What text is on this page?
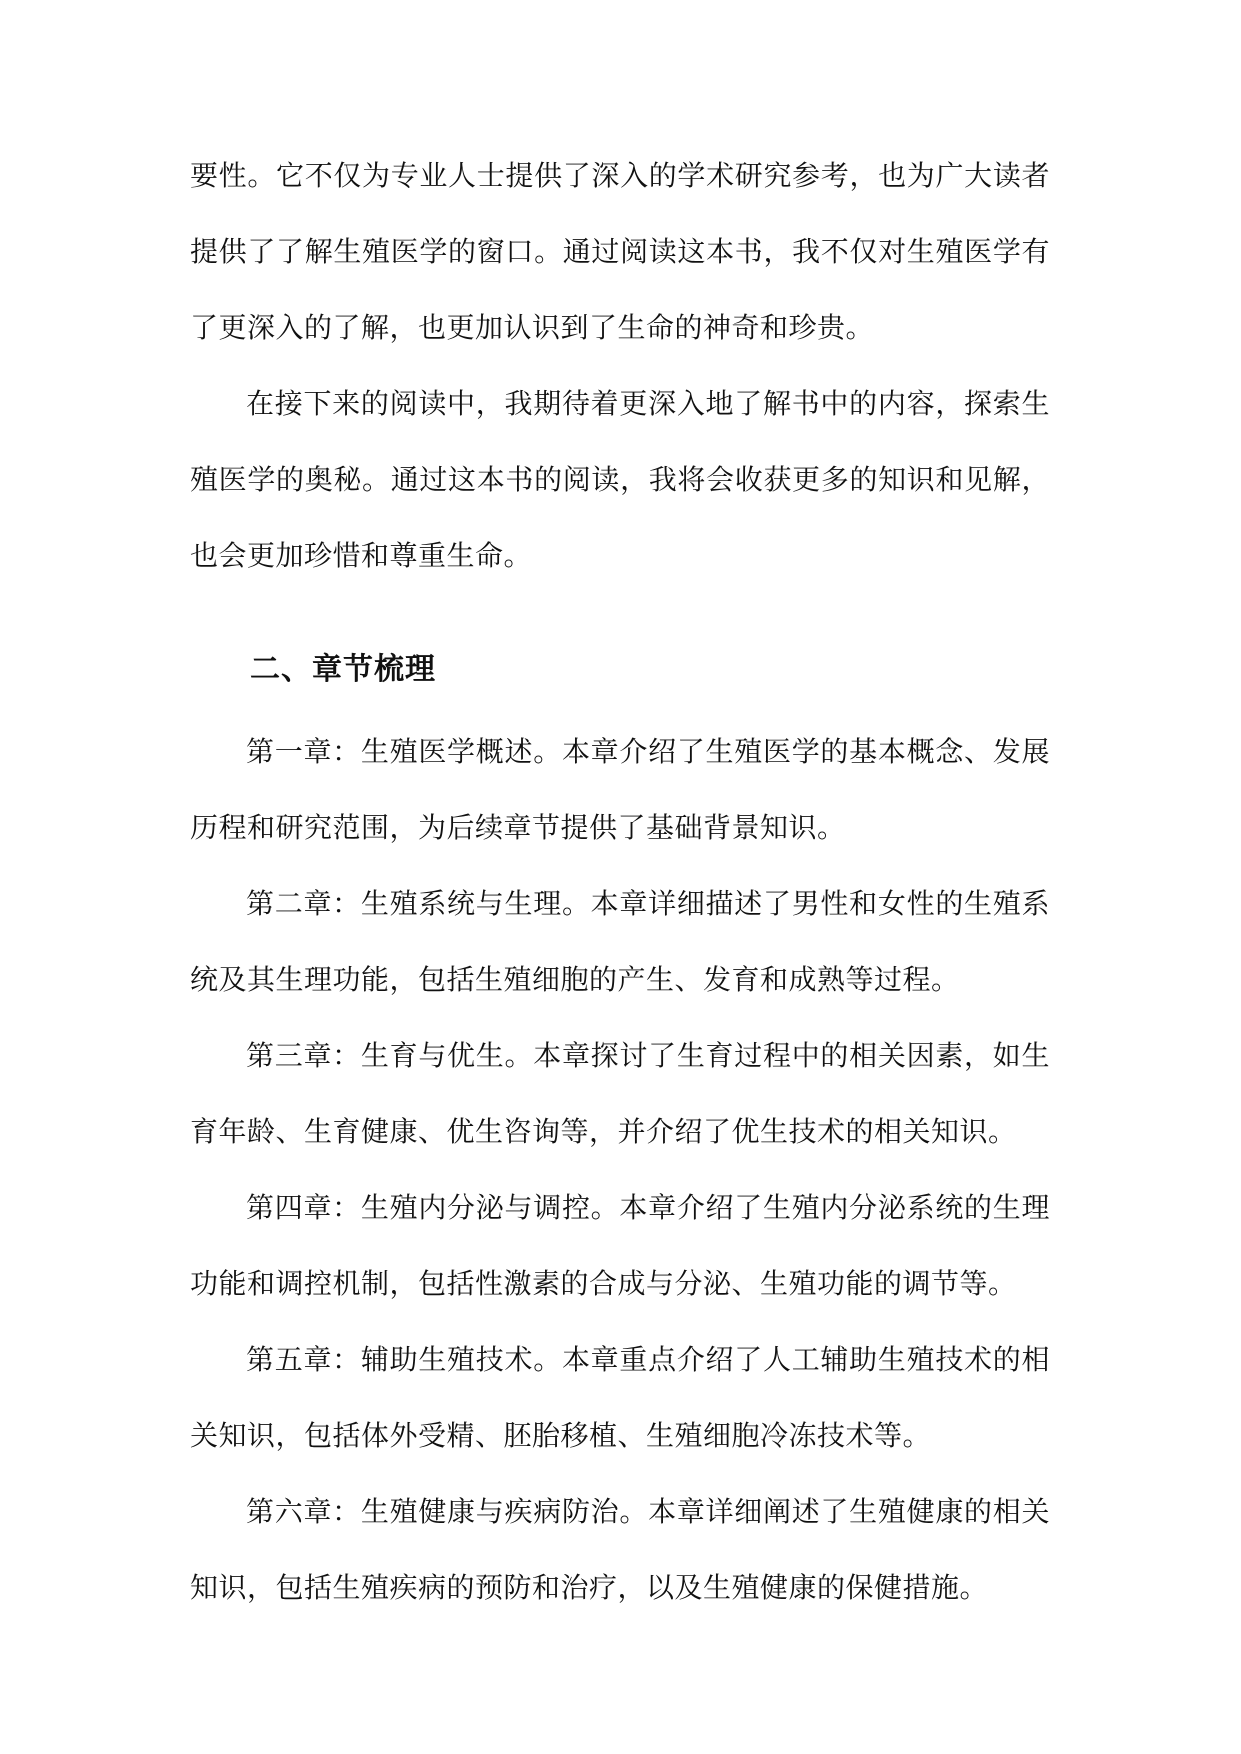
要性。它不仅为专业人士提供了深入的学术研究参考，也为广大读者提供了了解生殖医学的窗口。通过阅读这本书，我不仅对生殖医学有了更深入的了解，也更加认识到了生命的神奇和珍贵。

在接下来的阅读中，我期待着更深入地了解书中的内容，探索生殖医学的奥秘。通过这本书的阅读，我将会收获更多的知识和见解，也会更加珍惜和尊重生命。

二、章节梳理

第一章：生殖医学概述。本章介绍了生殖医学的基本概念、发展历程和研究范围，为后续章节提供了基础背景知识。

第二章：生殖系统与生理。本章详细描述了男性和女性的生殖系统及其生理功能，包括生殖细胞的产生、发育和成熟等过程。

第三章：生育与优生。本章探讨了生育过程中的相关因素，如生育年龄、生育健康、优生咨询等，并介绍了优生技术的相关知识。

第四章：生殖内分泌与调控。本章介绍了生殖内分泌系统的生理功能和调控机制，包括性激素的合成与分泌、生殖功能的调节等。

第五章：辅助生殖技术。本章重点介绍了人工辅助生殖技术的相关知识，包括体外受精、胚胎移植、生殖细胞冷冻技术等。

第六章：生殖健康与疾病防治。本章详细阐述了生殖健康的相关知识，包括生殖疾病的预防和治疗，以及生殖健康的保健措施。
